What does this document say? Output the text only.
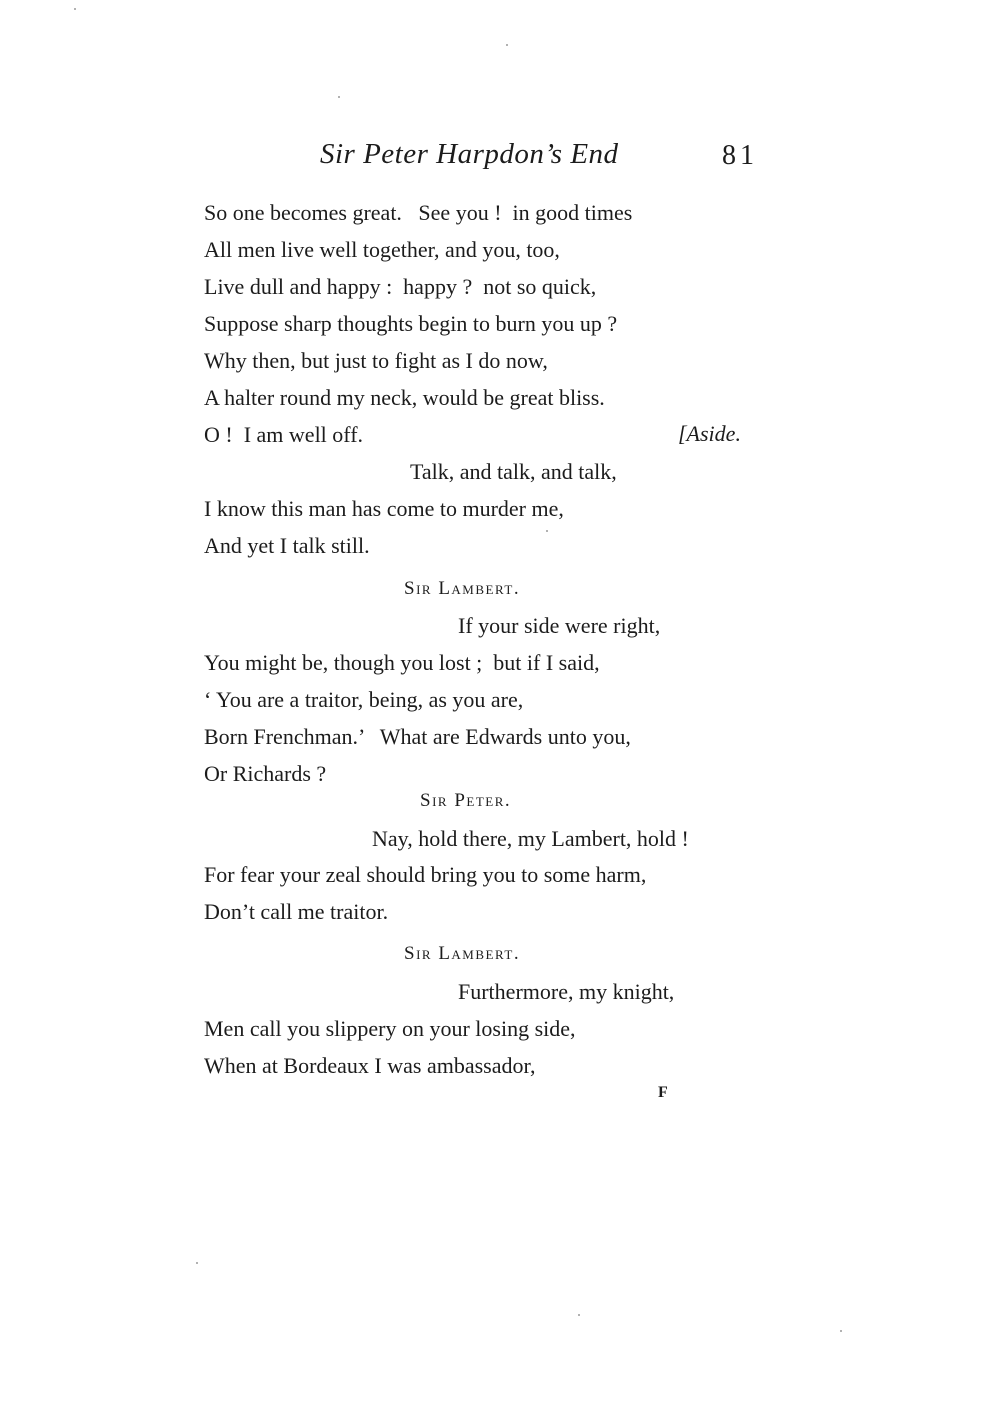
Sir Peter Harpdon’s End	81
So one becomes great.   See you !  in good times
All men live well together, and you, too,
Live dull and happy :  happy ?  not so quick,
Suppose sharp thoughts begin to burn you up ?
Why then, but just to fight as I do now,
A halter round my neck, would be great bliss.
O !  I am well off.	[Aside.
Talk, and talk, and talk,
I know this man has come to murder me,
And yet I talk still.
Sir Lambert.
If your side were right,
You might be, though you lost ;  but if I said,
‘ You are a traitor, being, as you are,
Born Frenchman.’   What are Edwards unto you,
Or Richards ?
Sir Peter.
Nay, hold there, my Lambert, hold !
For fear your zeal should bring you to some harm,
Don’t call me traitor.
Sir Lambert.
Furthermore, my knight,
Men call you slippery on your losing side,
When at Bordeaux I was ambassador,
F
